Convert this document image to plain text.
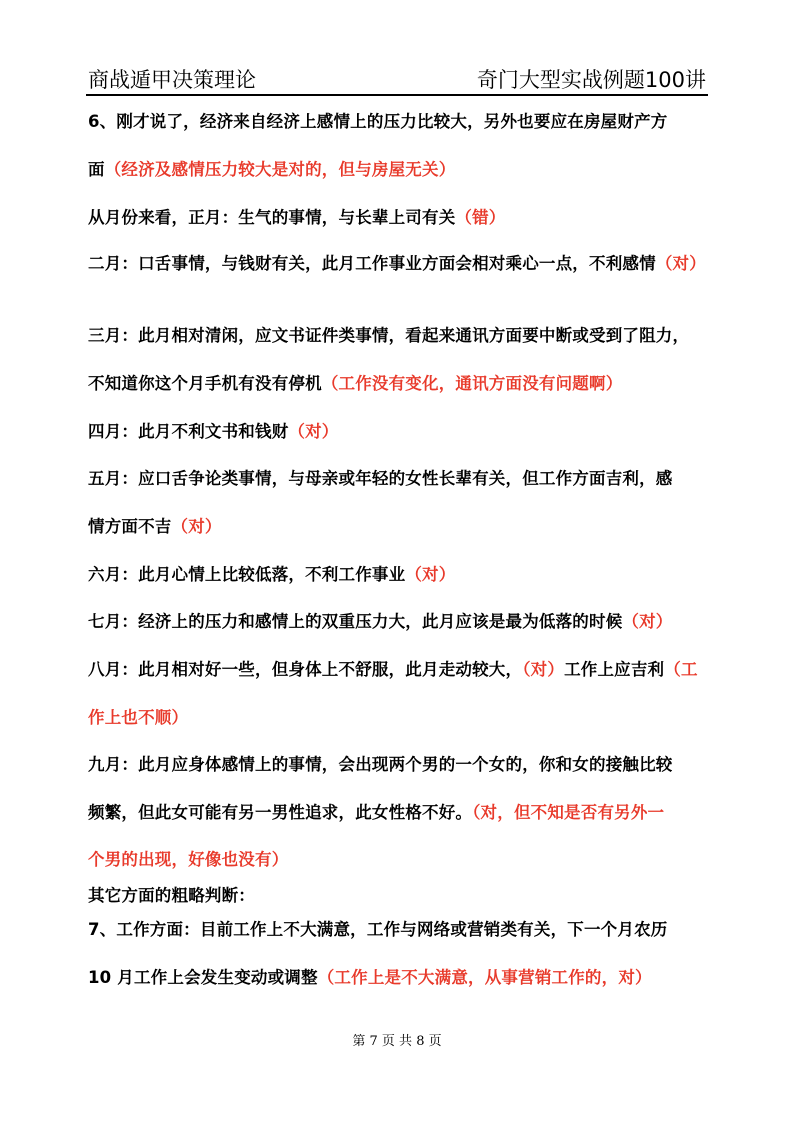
商战遁甲决策理论	奇门大型实战例题100讲
6、刚才说了，经济来自经济上感情上的压力比较大，另外也要应在房屋财产方
面（经济及感情压力较大是对的，但与房屋无关）
从月份来看，正月：生气的事情，与长辈上司有关（错）
二月：口舌事情，与钱财有关，此月工作事业方面会相对乘心一点，不利感情（对）
三月：此月相对清闲，应文书证件类事情，看起来通讯方面要中断或受到了阻力，
不知道你这个月手机有没有停机（工作没有变化，通讯方面没有问题啊）
四月：此月不利文书和钱财（对）
五月：应口舌争论类事情，与母亲或年轻的女性长辈有关，但工作方面吉利，感
情方面不吉（对）
六月：此月心情上比较低落，不利工作事业（对）
七月：经济上的压力和感情上的双重压力大，此月应该是最为低落的时候（对）
八月：此月相对好一些，但身体上不舒服，此月走动较大，（对）工作上应吉利（工
作上也不顺）
九月：此月应身体感情上的事情，会出现两个男的一个女的，你和女的接触比较
频繁，但此女可能有另一男性追求，此女性格不好。（对，但不知是否有另外一
个男的出现，好像也没有）
其它方面的粗略判断：
7、工作方面：目前工作上不大满意，工作与网络或营销类有关，下一个月农历
10 月工作上会发生变动或调整（工作上是不大满意，从事营销工作的，对）
第 7 页 共 8 页
